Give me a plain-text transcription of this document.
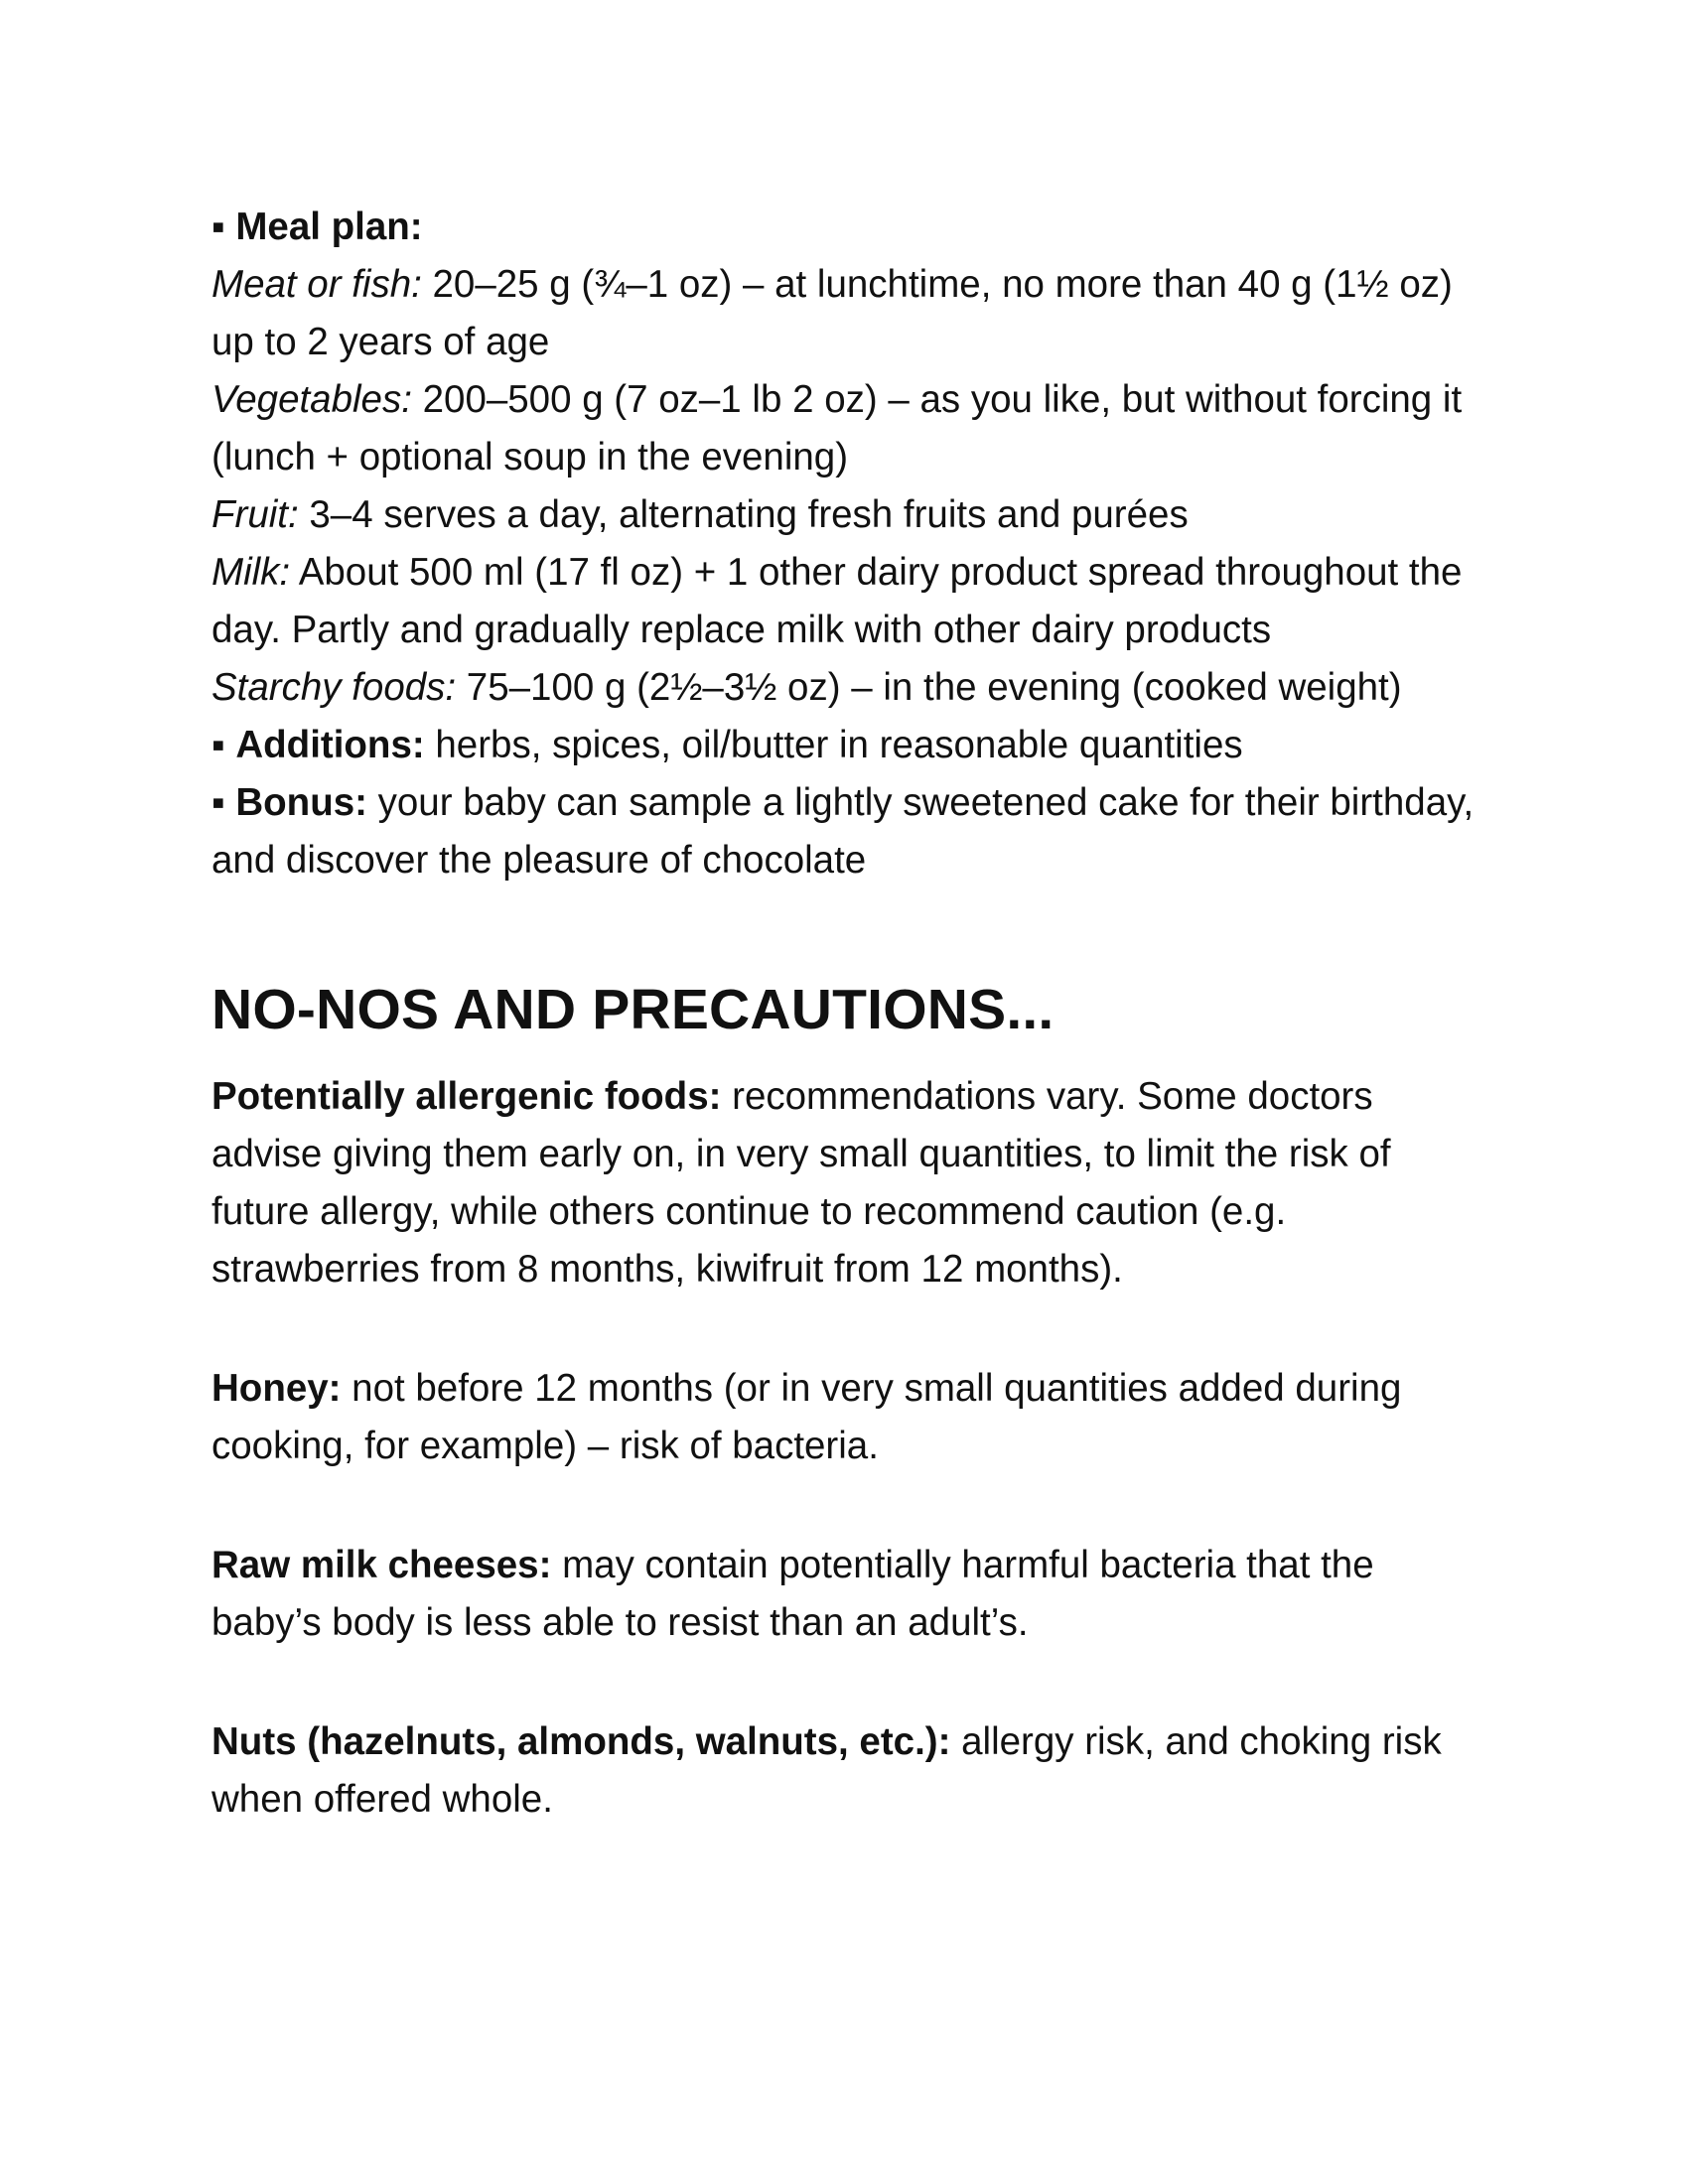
▪ Meal plan:

Meat or fish: 20–25 g (¾–1 oz) – at lunchtime, no more than 40 g (1½ oz) up to 2 years of age

Vegetables: 200–500 g (7 oz–1 lb 2 oz) – as you like, but without forcing it (lunch + optional soup in the evening)

Fruit: 3–4 serves a day, alternating fresh fruits and purées

Milk: About 500 ml (17 fl oz) + 1 other dairy product spread throughout the day. Partly and gradually replace milk with other dairy products

Starchy foods: 75–100 g (2½–3½ oz) – in the evening (cooked weight)

▪ Additions: herbs, spices, oil/butter in reasonable quantities

▪ Bonus: your baby can sample a lightly sweetened cake for their birthday, and discover the pleasure of chocolate

NO-NOS AND PRECAUTIONS...

Potentially allergenic foods: recommendations vary. Some doctors advise giving them early on, in very small quantities, to limit the risk of future allergy, while others continue to recommend caution (e.g. strawberries from 8 months, kiwifruit from 12 months).

Honey: not before 12 months (or in very small quantities added during cooking, for example) – risk of bacteria.

Raw milk cheeses: may contain potentially harmful bacteria that the baby’s body is less able to resist than an adult’s.

Nuts (hazelnuts, almonds, walnuts, etc.): allergy risk, and choking risk when offered whole.
